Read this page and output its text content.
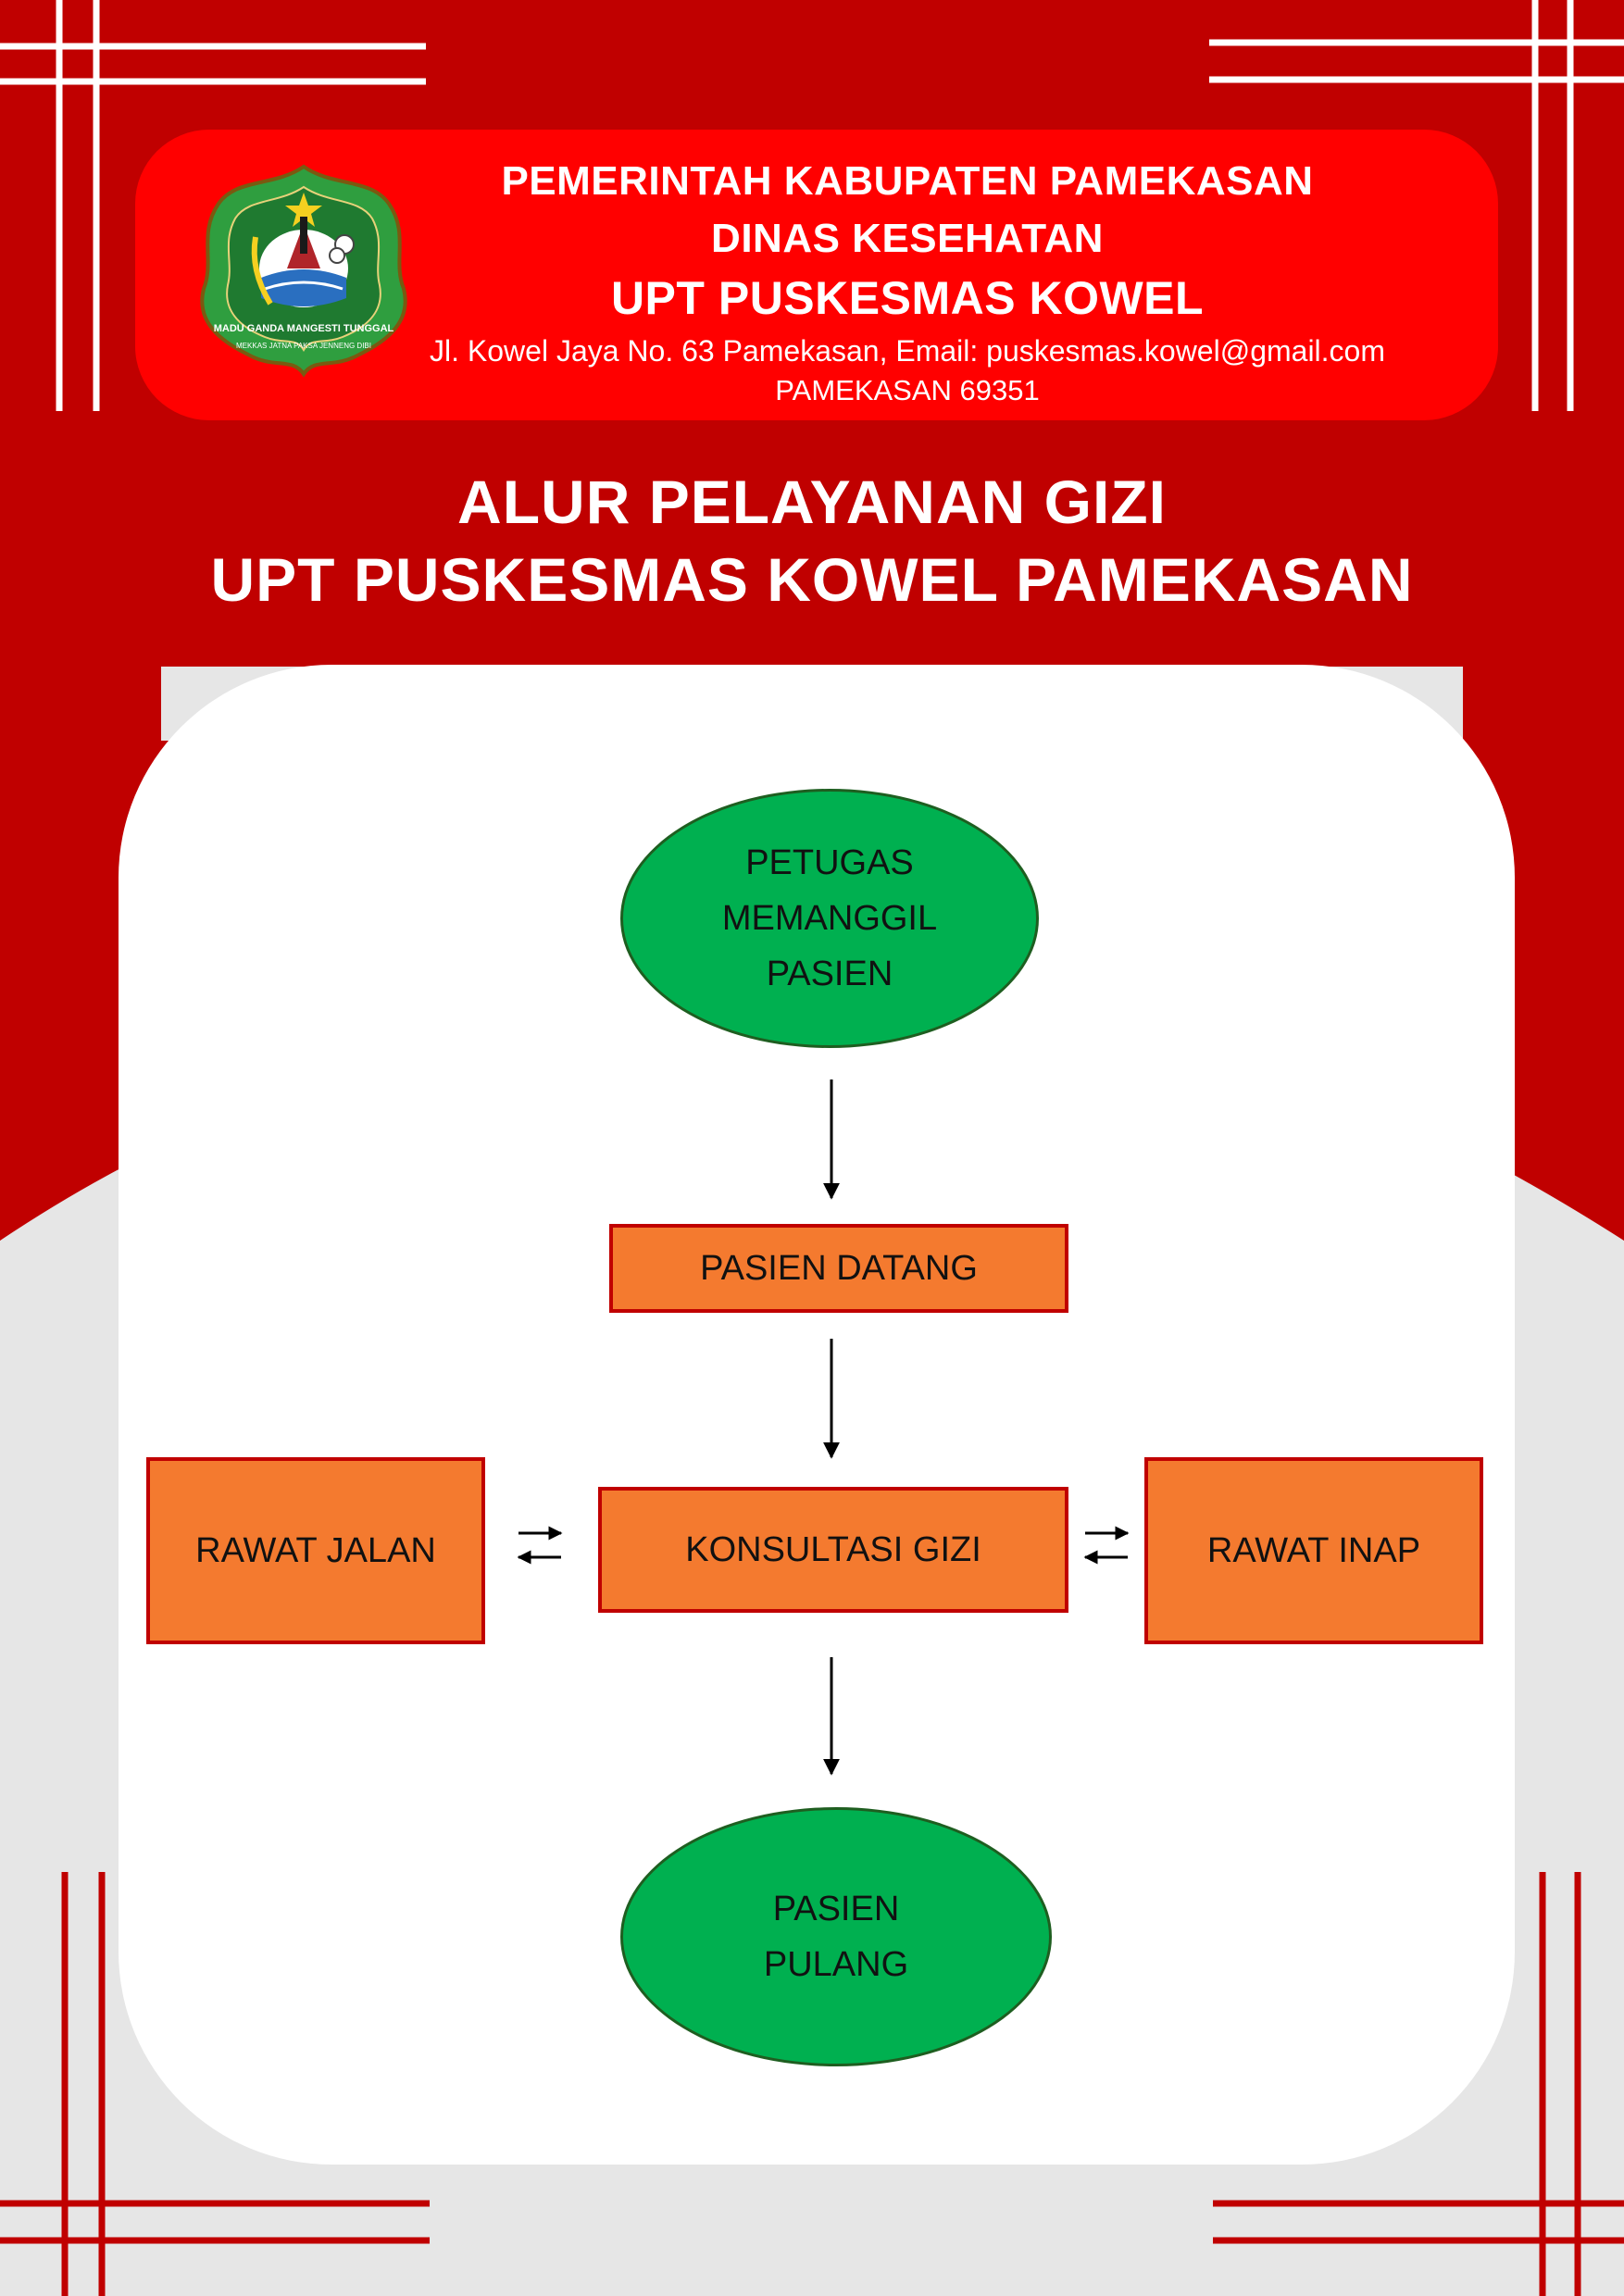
MADU GANDA MANGESTI TUNGGAL
MEKKAS JATNA PAKSA JENNENG DIBI
PEMERINTAH KABUPATEN PAMEKASAN
DINAS KESEHATAN
UPT PUSKESMAS KOWEL
Jl. Kowel Jaya No. 63 Pamekasan, Email: puskesmas.kowel@gmail.com
PAMEKASAN 69351
ALUR PELAYANAN GIZI
UPT PUSKESMAS KOWEL PAMEKASAN
PETUGAS
MEMANGGIL
PASIEN
PASIEN DATANG
KONSULTASI GIZI
RAWAT JALAN	RAWAT INAP
PASIEN
PULANG
